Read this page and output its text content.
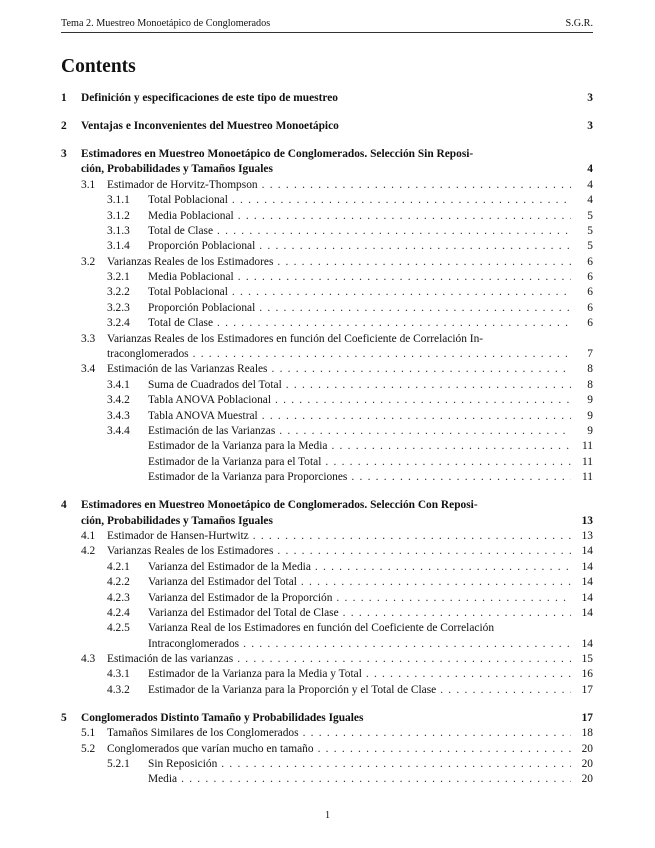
Tema 2. Muestreo Monoetápico de Conglomerados	S.G.R.
Contents
1 Definición y especificaciones de este tipo de muestreo	3
2 Ventajas e Inconvenientes del Muestreo Monoetápico	3
3 Estimadores en Muestreo Monoetápico de Conglomerados. Selección Sin Reposi-
ción, Probabilidades y Tamaños Iguales	4
3.1 Estimador de Horvitz-Thompson . . .	4
3.1.1 Total Poblacional . . .	4
3.1.2 Media Poblacional . . .	5
3.1.3 Total de Clase . . .	5
3.1.4 Proporción Poblacional . . .	5
3.2 Varianzas Reales de los Estimadores . . .	6
3.2.1 Media Poblacional . . .	6
3.2.2 Total Poblacional . . .	6
3.2.3 Proporción Poblacional . . .	6
3.2.4 Total de Clase . . .	6
3.3 Varianzas Reales de los Estimadores en función del Coeficiente de Correlación In-
traconglomerados . . .	7
3.4 Estimación de las Varianzas Reales . . .	8
3.4.1 Suma de Cuadrados del Total . . .	8
3.4.2 Tabla ANOVA Poblacional . . .	9
3.4.3 Tabla ANOVA Muestral . . .	9
3.4.4 Estimación de las Varianzas . . .	9
Estimador de la Varianza para la Media . . .	11
Estimador de la Varianza para el Total . . .	11
Estimador de la Varianza para Proporciones . . .	11
4 Estimadores en Muestreo Monoetápico de Conglomerados. Selección Con Reposi-
ción, Probabilidades y Tamaños Iguales	13
4.1 Estimador de Hansen-Hurtwitz . . .	13
4.2 Varianzas Reales de los Estimadores . . .	14
4.2.1 Varianza del Estimador de la Media . . .	14
4.2.2 Varianza del Estimador del Total . . .	14
4.2.3 Varianza del Estimador de la Proporción . . .	14
4.2.4 Varianza del Estimador del Total de Clase . . .	14
4.2.5 Varianza Real de los Estimadores en función del Coeficiente de Correlación
Intraconglomerados . . .	14
4.3 Estimación de las varianzas . . .	15
4.3.1 Estimador de la Varianza para la Media y Total . . .	16
4.3.2 Estimador de la Varianza para la Proporción y el Total de Clase . . .	17
5 Conglomerados Distinto Tamaño y Probabilidades Iguales	17
5.1 Tamaños Similares de los Conglomerados . . .	18
5.2 Conglomerados que varían mucho en tamaño . . .	20
5.2.1 Sin Reposición . . .	20
Media . . .	20
1
